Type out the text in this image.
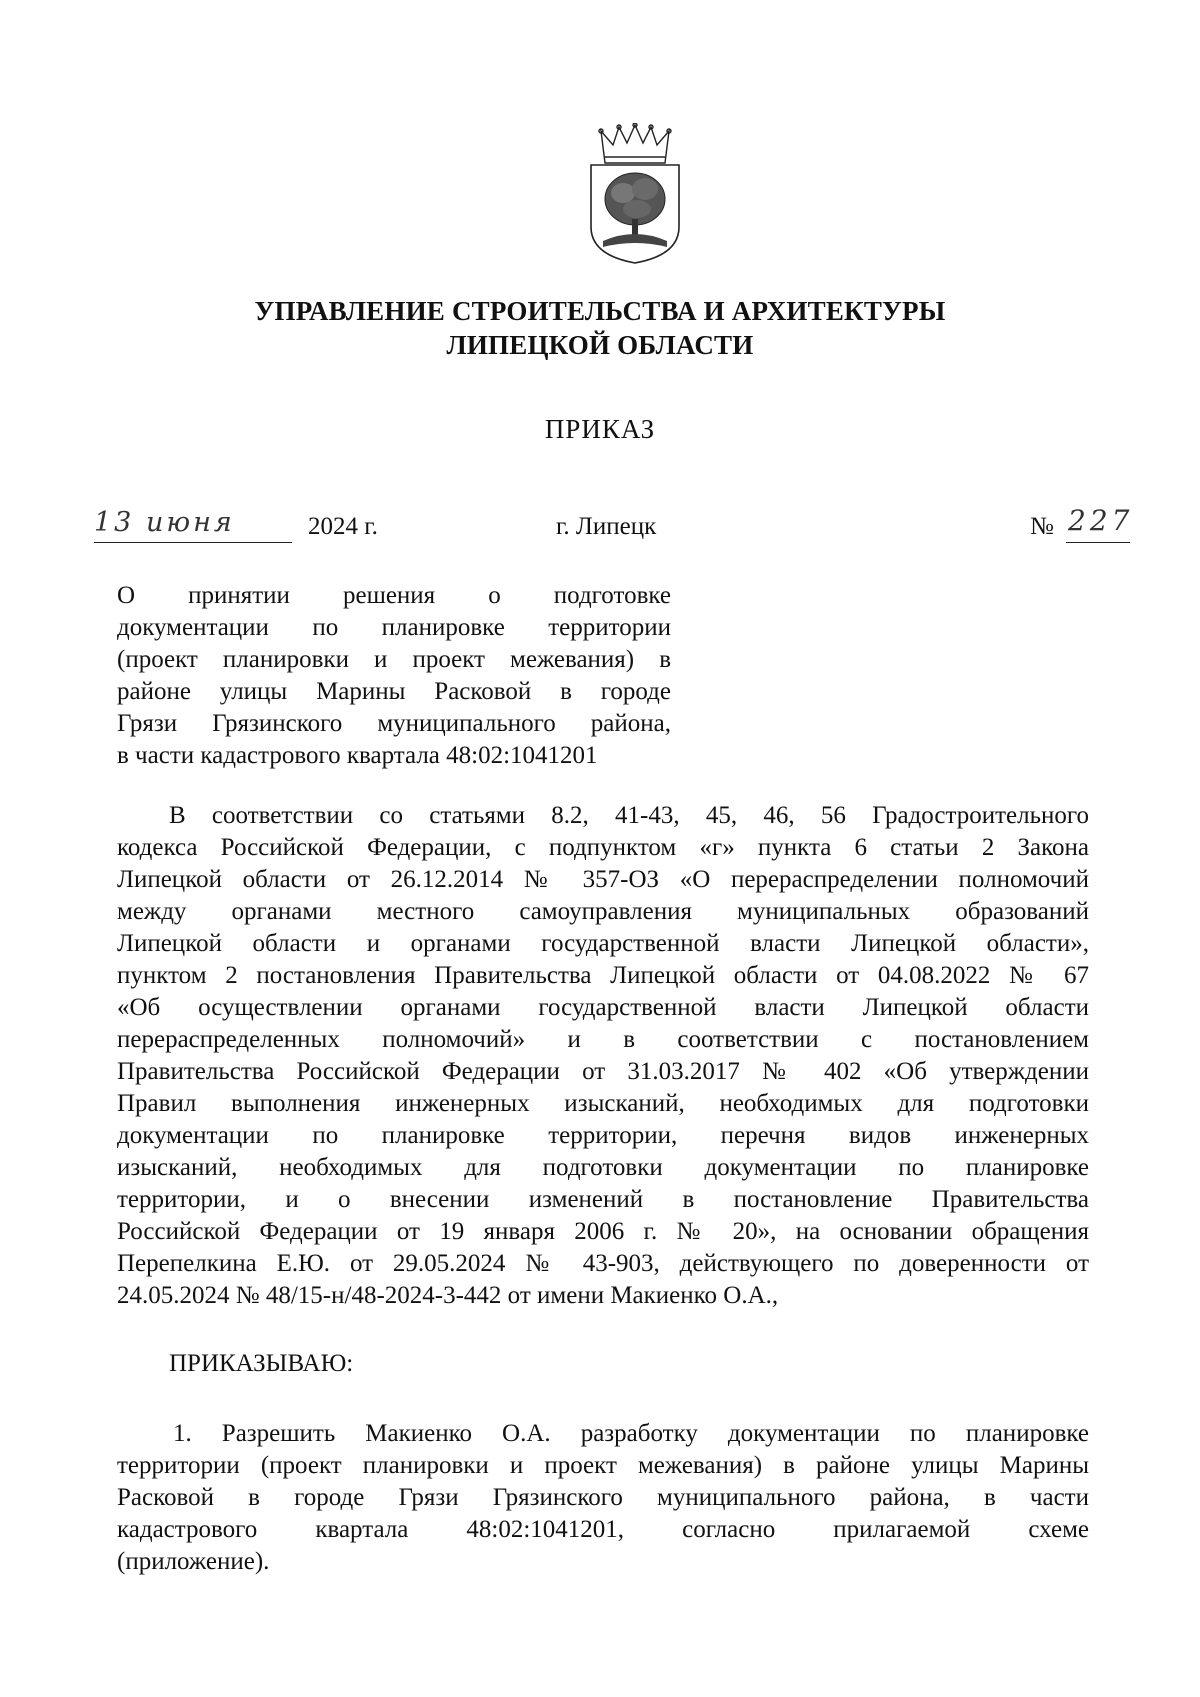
УПРАВЛЕНИЕ СТРОИТЕЛЬСТВА И АРХИТЕКТУРЫ
ЛИПЕЦКОЙ ОБЛАСТИ
ПРИКАЗ
13 июня	2024 г.	г. Липецк	№ 227
О принятии решения о подготовке
документации по планировке территории
(проект планировки и проект межевания) в
районе улицы Марины Расковой в городе
Грязи Грязинского муниципального района,
в части кадастрового квартала 48:02:1041201
В соответствии со статьями 8.2, 41-43, 45, 46, 56 Градостроительного
кодекса Российской Федерации, с подпунктом «г» пункта 6 статьи 2 Закона
Липецкой области от 26.12.2014 № 357-ОЗ «О перераспределении полномочий
между органами местного самоуправления муниципальных образований
Липецкой области и органами государственной власти Липецкой области»,
пунктом 2 постановления Правительства Липецкой области от 04.08.2022 № 67
«Об осуществлении органами государственной власти Липецкой области
перераспределенных полномочий» и в соответствии с постановлением
Правительства Российской Федерации от 31.03.2017 № 402 «Об утверждении
Правил выполнения инженерных изысканий, необходимых для подготовки
документации по планировке территории, перечня видов инженерных
изысканий, необходимых для подготовки документации по планировке
территории, и о внесении изменений в постановление Правительства
Российской Федерации от 19 января 2006 г. № 20», на основании обращения
Перепелкина Е.Ю. от 29.05.2024 № 43-903, действующего по доверенности от
24.05.2024 № 48/15-н/48-2024-3-442 от имени Макиенко О.А.,
ПРИКАЗЫВАЮ:
1. Разрешить Макиенко О.А. разработку документации по планировке
территории (проект планировки и проект межевания) в районе улицы Марины
Расковой в городе Грязи Грязинского муниципального района, в части
кадастрового квартала 48:02:1041201, согласно прилагаемой схеме
(приложение).
